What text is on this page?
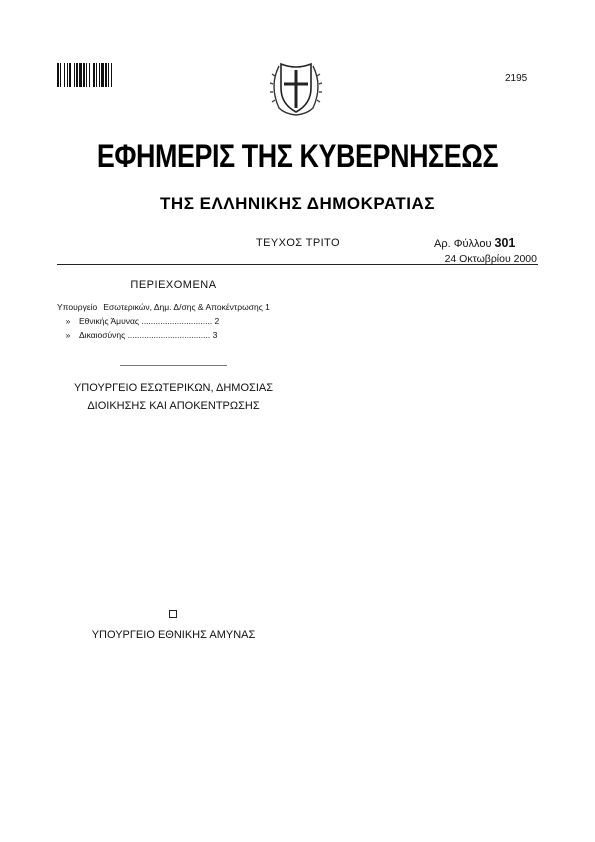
2195
ΕΦΗΜΕΡΙΣ ΤΗΣ ΚΥΒΕΡΝΗΣΕΩΣ
ΤΗΣ ΕΛΛΗΝΙΚΗΣ ΔΗΜΟΚΡΑΤΙΑΣ
ΤΕΥΧΟΣ ΤΡΙΤΟ	Αρ. Φύλλου 301
24 Οκτωβρίου 2000
ΠΕΡΙΕΧΟΜΕΝΑ
Υπουργείο Εσωτερικών, Δημ. Δ/σης & Αποκέντρωσης 1
»	Εθνικής Άμυνας .............................. 2
»	Δικαιοσύνης ................................... 3
ΥΠΟΥΡΓΕΙΟ ΕΣΩΤΕΡΙΚΩΝ, ΔΗΜΟΣΙΑΣ ΔΙΟΙΚΗΣΗΣ ΚΑΙ ΑΠΟΚΕΝΤΡΩΣΗΣ
ΥΠΟΥΡΓΕΙΟ ΕΘΝΙΚΗΣ ΑΜΥΝΑΣ
